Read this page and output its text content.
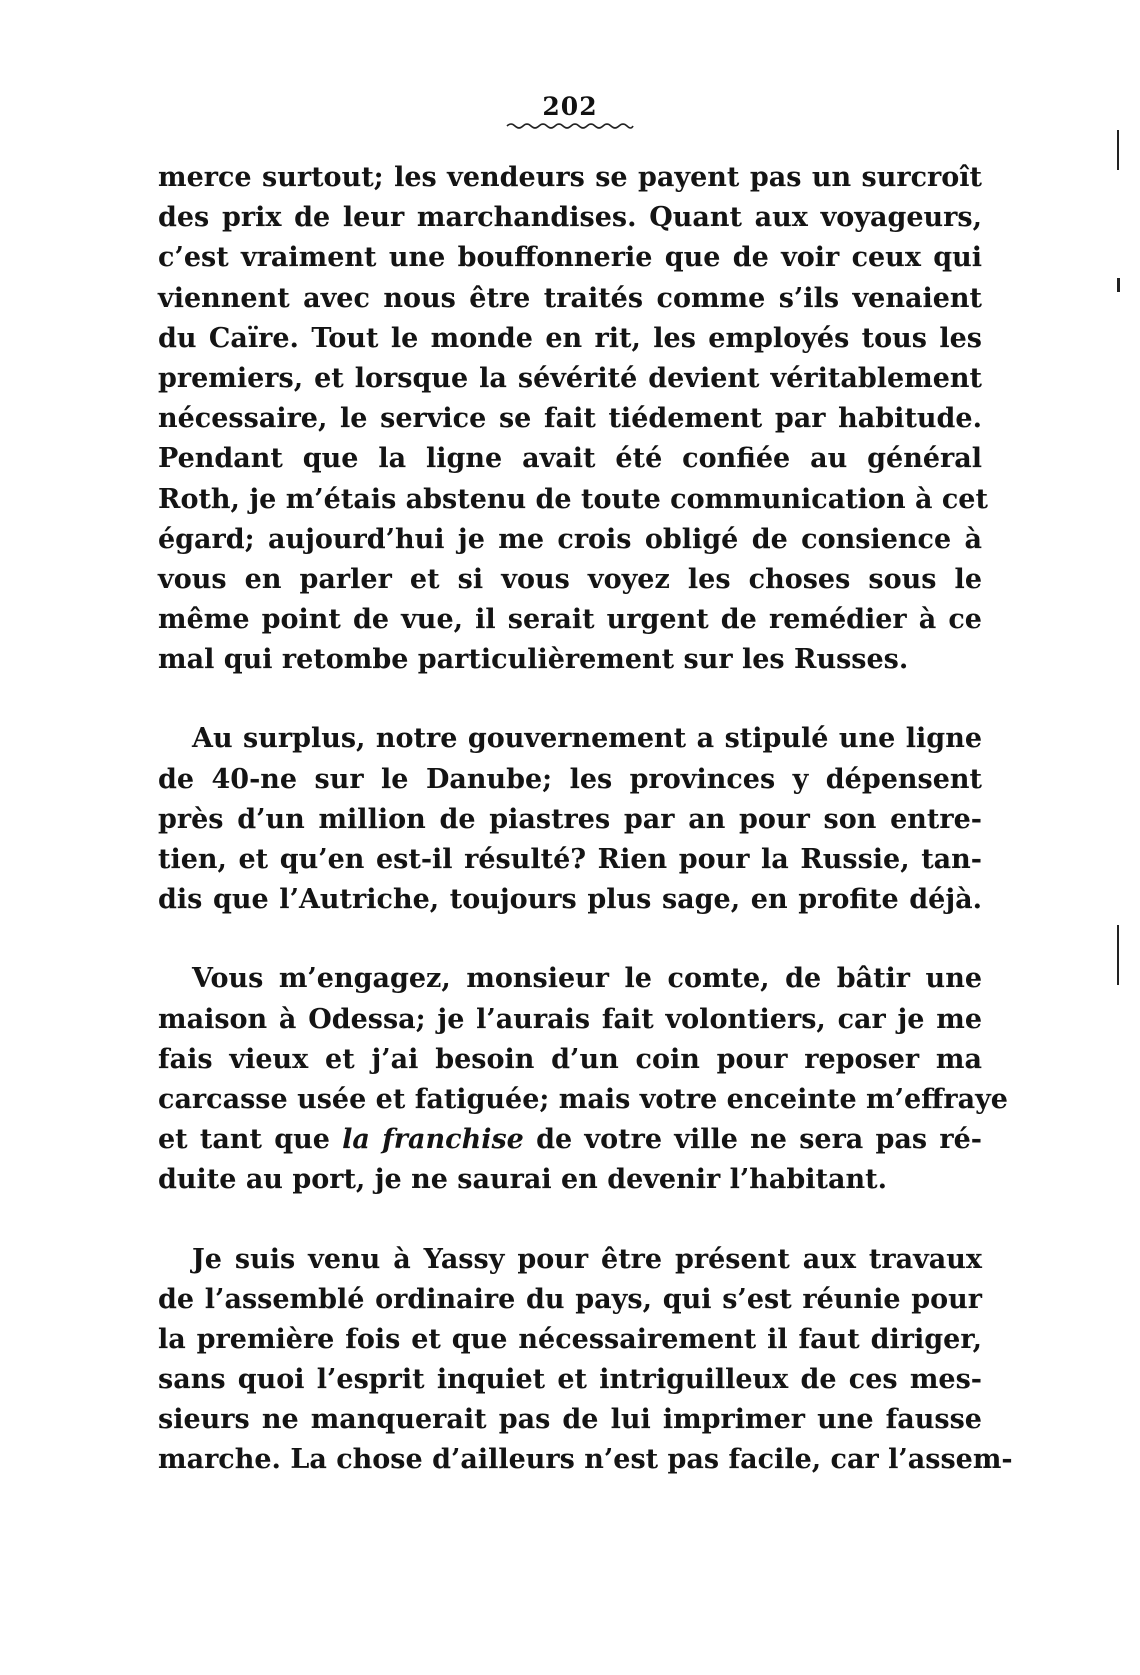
202
merce surtout; les vendeurs se payent pas un surcroît
des prix de leur marchandises. Quant aux voyageurs,
c’est vraiment une bouffonnerie que de voir ceux qui
viennent avec nous être traités comme s’ils venaient
du Caïre. Tout le monde en rit, les employés tous les
premiers, et lorsque la sévérité devient véritablement
nécessaire, le service se fait tiédement par habitude.
Pendant que la ligne avait été confiée au général
Roth, je m’étais abstenu de toute communication à cet
égard; aujourd’hui je me crois obligé de consience à
vous en parler et si vous voyez les choses sous le
même point de vue, il serait urgent de remédier à ce
mal qui retombe particulièrement sur les Russes.
Au surplus, notre gouvernement a stipulé une ligne
de 40-ne sur le Danube; les provinces y dépensent
près d’un million de piastres par an pour son entre-
tien, et qu’en est-il résulté? Rien pour la Russie, tan-
dis que l’Autriche, toujours plus sage, en profite déjà.
Vous m’engagez, monsieur le comte, de bâtir une
maison à Odessa; je l’aurais fait volontiers, car je me
fais vieux et j’ai besoin d’un coin pour reposer ma
carcasse usée et fatiguée; mais votre enceinte m’effraye
et tant que la franchise de votre ville ne sera pas ré-
duite au port, je ne saurai en devenir l’habitant.
Je suis venu à Yassy pour être présent aux travaux
de l’assemblé ordinaire du pays, qui s’est réunie pour
la première fois et que nécessairement il faut diriger,
sans quoi l’esprit inquiet et intriguilleux de ces mes-
sieurs ne manquerait pas de lui imprimer une fausse
marche. La chose d’ailleurs n’est pas facile, car l’assem-
